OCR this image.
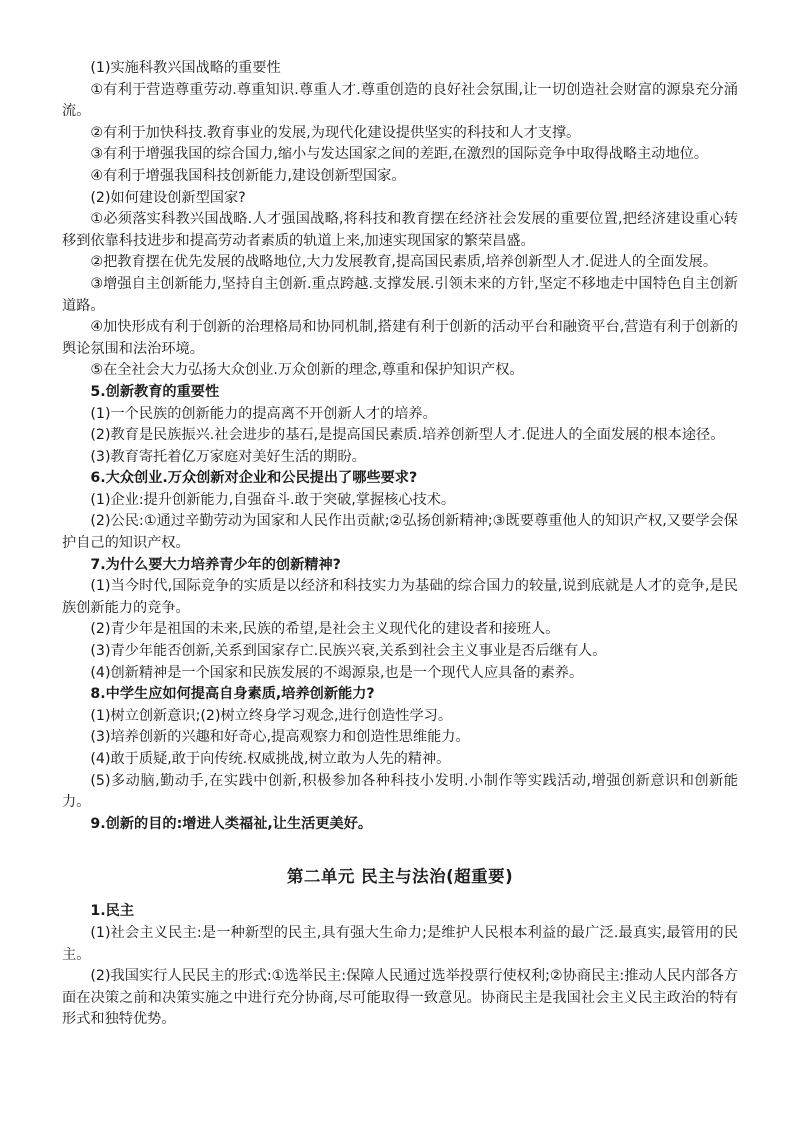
(1)实施科教兴国战略的重要性

①有利于营造尊重劳动.尊重知识.尊重人才.尊重创造的良好社会氛围,让一切创造社会财富的源泉充分涌流。

②有利于加快科技.教育事业的发展,为现代化建设提供坚实的科技和人才支撑。

③有利于增强我国的综合国力,缩小与发达国家之间的差距,在激烈的国际竞争中取得战略主动地位。

④有利于增强我国科技创新能力,建设创新型国家。

(2)如何建设创新型国家?

①必须落实科教兴国战略.人才强国战略,将科技和教育摆在经济社会发展的重要位置,把经济建设重心转移到依靠科技进步和提高劳动者素质的轨道上来,加速实现国家的繁荣昌盛。

②把教育摆在优先发展的战略地位,大力发展教育,提高国民素质,培养创新型人才.促进人的全面发展。

③增强自主创新能力,坚持自主创新.重点跨越.支撑发展.引领未来的方针,坚定不移地走中国特色自主创新道路。

④加快形成有利于创新的治理格局和协同机制,搭建有利于创新的活动平台和融资平台,营造有利于创新的舆论氛围和法治环境。

⑤在全社会大力弘扬大众创业.万众创新的理念,尊重和保护知识产权。

5.创新教育的重要性

(1)一个民族的创新能力的提高离不开创新人才的培养。

(2)教育是民族振兴.社会进步的基石,是提高国民素质.培养创新型人才.促进人的全面发展的根本途径。

(3)教育寄托着亿万家庭对美好生活的期盼。

6.大众创业.万众创新对企业和公民提出了哪些要求?

(1)企业:提升创新能力,自强奋斗.敢于突破,掌握核心技术。

(2)公民:①通过辛勤劳动为国家和人民作出贡献;②弘扬创新精神;③既要尊重他人的知识产权,又要学会保护自己的知识产权。

7.为什么要大力培养青少年的创新精神?

(1)当今时代,国际竞争的实质是以经济和科技实力为基础的综合国力的较量,说到底就是人才的竞争,是民族创新能力的竞争。

(2)青少年是祖国的未来,民族的希望,是社会主义现代化的建设者和接班人。

(3)青少年能否创新,关系到国家存亡.民族兴衰,关系到社会主义事业是否后继有人。

(4)创新精神是一个国家和民族发展的不竭源泉,也是一个现代人应具备的素养。

8.中学生应如何提高自身素质,培养创新能力?

(1)树立创新意识;(2)树立终身学习观念,进行创造性学习。

(3)培养创新的兴趣和好奇心,提高观察力和创造性思维能力。

(4)敢于质疑,敢于向传统.权威挑战,树立敢为人先的精神。

(5)多动脑,勤动手,在实践中创新,积极参加各种科技小发明.小制作等实践活动,增强创新意识和创新能力。

9.创新的目的:增进人类福祉,让生活更美好。

第二单元 民主与法治(超重要)

1.民主

(1)社会主义民主:是一种新型的民主,具有强大生命力;是维护人民根本利益的最广泛.最真实,最管用的民主。

(2)我国实行人民民主的形式:①选举民主:保障人民通过选举投票行使权利;②协商民主:推动人民内部各方面在决策之前和决策实施之中进行充分协商,尽可能取得一致意见。协商民主是我国社会主义民主政治的特有形式和独特优势。
